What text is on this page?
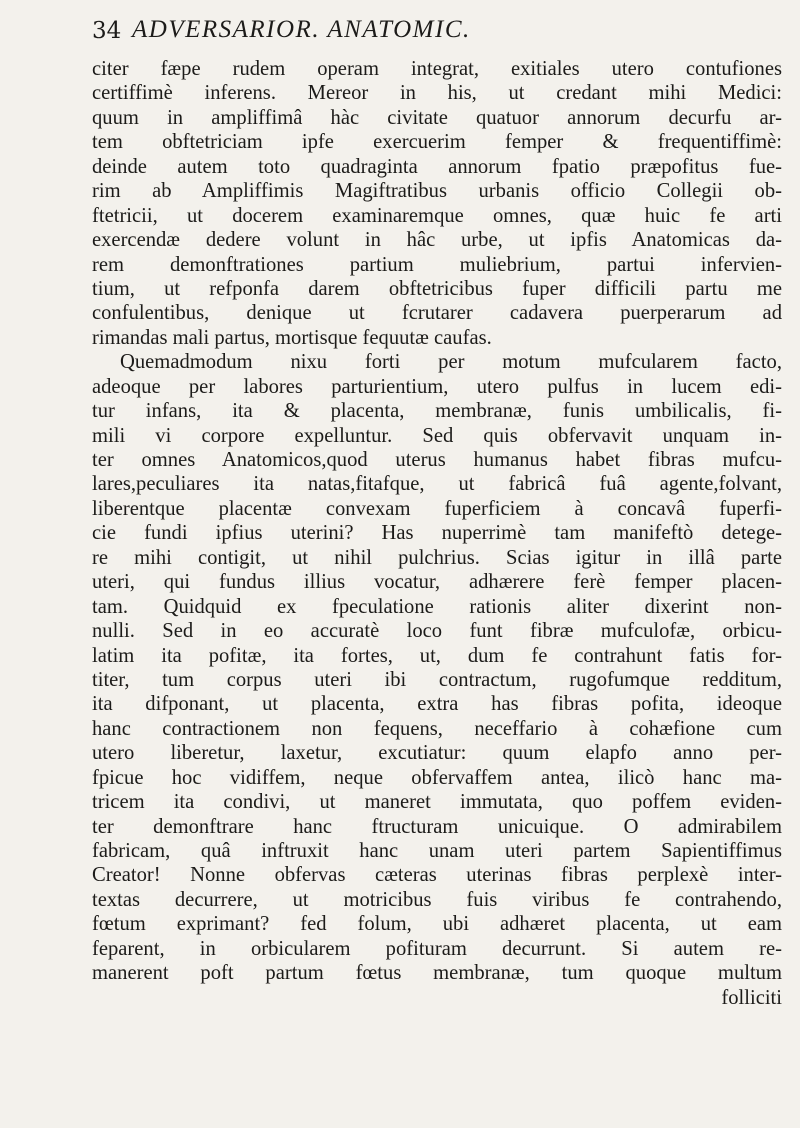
34 ADVERSARIOR. ANATOMIC.
citer fæpe rudem operam integrat, exitiales utero contufiones
certiffimè inferens. Mereor in his, ut credant mihi Medici:
quum in ampliffimâ hàc civitate quatuor annorum decurfu ar-
tem obftetriciam ipfe exercuerim femper & frequentiffimè:
deinde autem toto quadraginta annorum fpatio præpofitus fue-
rim ab Ampliffimis Magiftratibus urbanis officio Collegii ob-
ftetricii, ut docerem examinaremque omnes, quæ huic fe arti
exercendæ dedere volunt in hâc urbe, ut ipfis Anatomicas da-
rem demonftrationes partium muliebrium, partui infervien-
tium, ut refponfa darem obftetricibus fuper difficili partu me
confulentibus, denique ut fcrutarer cadavera puerperarum ad
rimandas mali partus, mortisque fequutæ caufas.
Quemadmodum nixu forti per motum mufcularem facto,
adeoque per labores parturientium, utero pulfus in lucem edi-
tur infans, ita & placenta, membranæ, funis umbilicalis, fi-
mili vi corpore expelluntur. Sed quis obfervavit unquam in-
ter omnes Anatomicos,quod uterus humanus habet fibras mufcu-
lares,peculiares ita natas,fitafque, ut fabricâ fuâ agente,folvant,
liberentque placentæ convexam fuperficiem à concavâ fuperfi-
cie fundi ipfius uterini? Has nuperrimè tam manifeftò detege-
re mihi contigit, ut nihil pulchrius. Scias igitur in illâ parte
uteri, qui fundus illius vocatur, adhærere ferè femper placen-
tam. Quidquid ex fpeculatione rationis aliter dixerint non-
nulli. Sed in eo accuratè loco funt fibræ mufculofæ, orbicu-
latim ita pofitæ, ita fortes, ut, dum fe contrahunt fatis for-
titer, tum corpus uteri ibi contractum, rugofumque redditum,
ita difponant, ut placenta, extra has fibras pofita, ideoque
hanc contractionem non fequens, neceffario à cohæfione cum
utero liberetur, laxetur, excutiatur: quum elapfo anno per-
fpicue hoc vidiffem, neque obfervaffem antea, ilicò hanc ma-
tricem ita condivi, ut maneret immutata, quo poffem eviden-
ter demonftrare hanc ftructuram unicuique. O admirabilem
fabricam, quâ inftruxit hanc unam uteri partem Sapientiffimus
Creator! Nonne obfervas cæteras uterinas fibras perplexè inter-
textas decurrere, ut motricibus fuis viribus fe contrahendo,
fœtum exprimant? fed folum, ubi adhæret placenta, ut eam
feparent, in orbicularem pofituram decurrunt. Si autem re-
manerent poft partum fœtus membranæ, tum quoque multum
folliciti
